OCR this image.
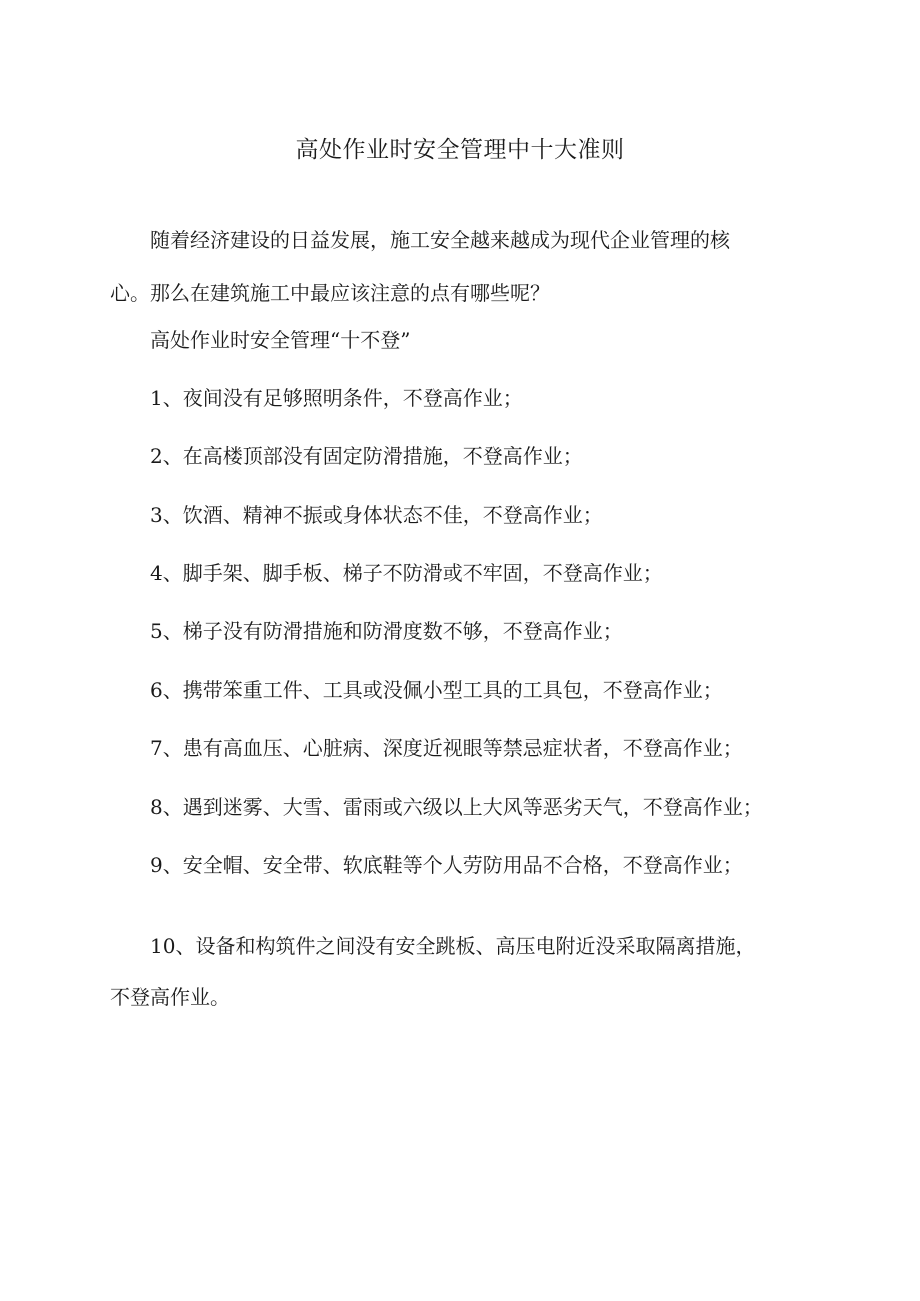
高处作业时安全管理中十大准则
随着经济建设的日益发展，施工安全越来越成为现代企业管理的核
心。那么在建筑施工中最应该注意的点有哪些呢？
高处作业时安全管理“十不登”
1、夜间没有足够照明条件，不登高作业；
2、在高楼顶部没有固定防滑措施，不登高作业；
3、饮酒、精神不振或身体状态不佳，不登高作业；
4、脚手架、脚手板、梯子不防滑或不牢固，不登高作业；
5、梯子没有防滑措施和防滑度数不够，不登高作业；
6、携带笨重工件、工具或没佩小型工具的工具包，不登高作业；
7、患有高血压、心脏病、深度近视眼等禁忌症状者，不登高作业；
8、遇到迷雾、大雪、雷雨或六级以上大风等恶劣天气，不登高作业；
9、安全帽、安全带、软底鞋等个人劳防用品不合格，不登高作业；
10、设备和构筑件之间没有安全跳板、高压电附近没采取隔离措施，
不登高作业。
